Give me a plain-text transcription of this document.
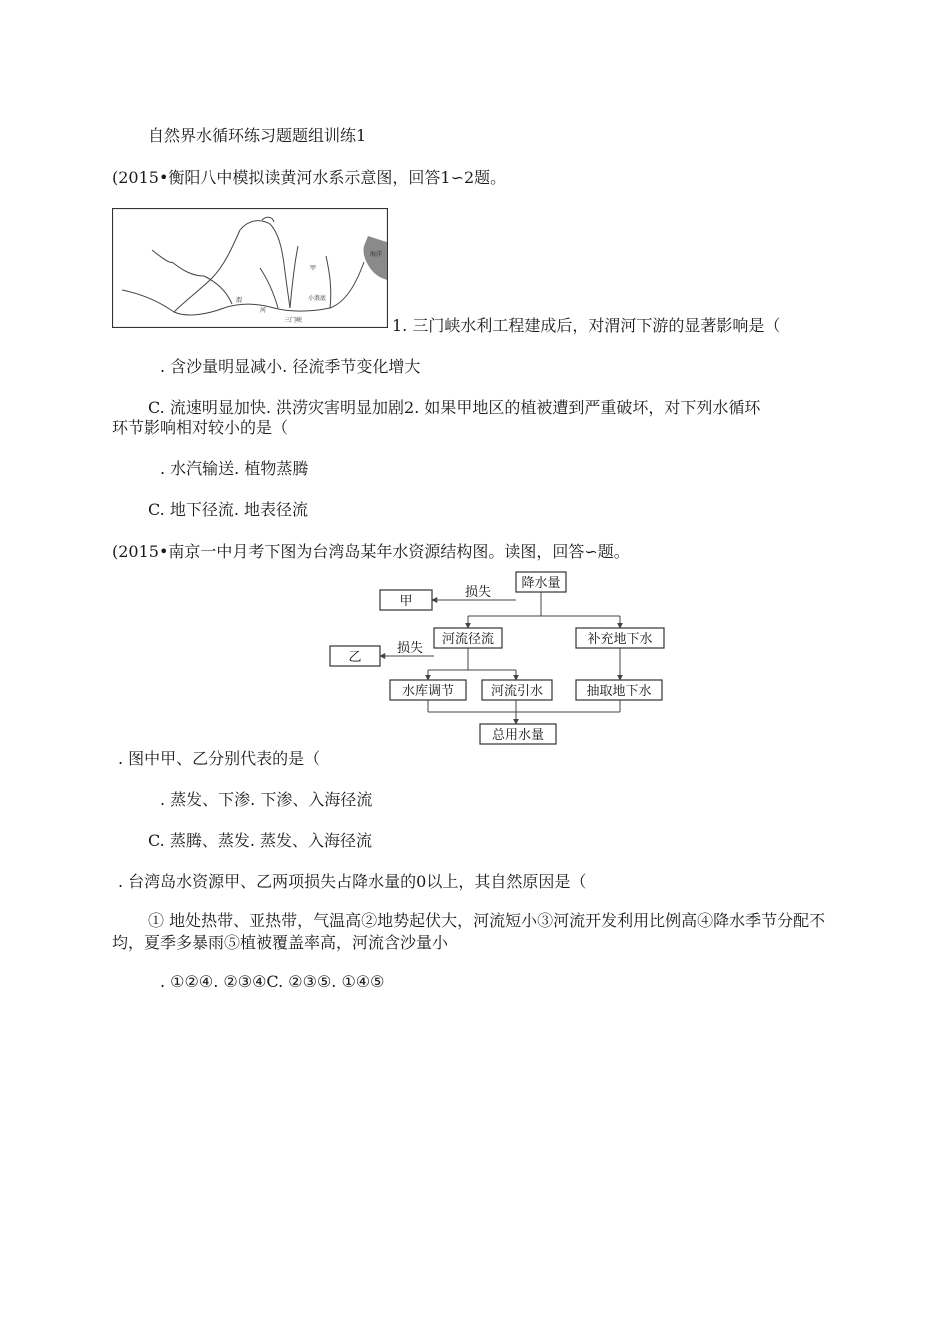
自然界水循环练习题题组训练1
(2015•衡阳八中模拟读黄河水系示意图，回答1∽2题。
海洋
甲
渭
河
小浪底
三门峡	1. 三门峡水利工程建成后，对渭河下游的显著影响是（
. 含沙量明显减小. 径流季节变化增大
C. 流速明显加快. 洪涝灾害明显加剧2. 如果甲地区的植被遭到严重破坏，对下列水循环
环节影响相对较小的是（
. 水汽输送. 植物蒸腾
C. 地下径流. 地表径流
(2015•南京一中月考下图为台湾岛某年水资源结构图。读图，回答∽题。
降水量
损失
甲
河流径流	补充地下水
损失
乙
水库调节	河流引水	抽取地下水
总用水量
. 图中甲、乙分别代表的是（
. 蒸发、下渗. 下渗、入海径流
C. 蒸腾、蒸发. 蒸发、入海径流
. 台湾岛水资源甲、乙两项损失占降水量的0以上，其自然原因是（
① 地处热带、亚热带，气温高②地势起伏大，河流短小③河流开发利用比例高④降水季节分配不均，夏季多暴雨⑤植被覆盖率高，河流含沙量小
. ①②④. ②③④C. ②③⑤. ①④⑤
